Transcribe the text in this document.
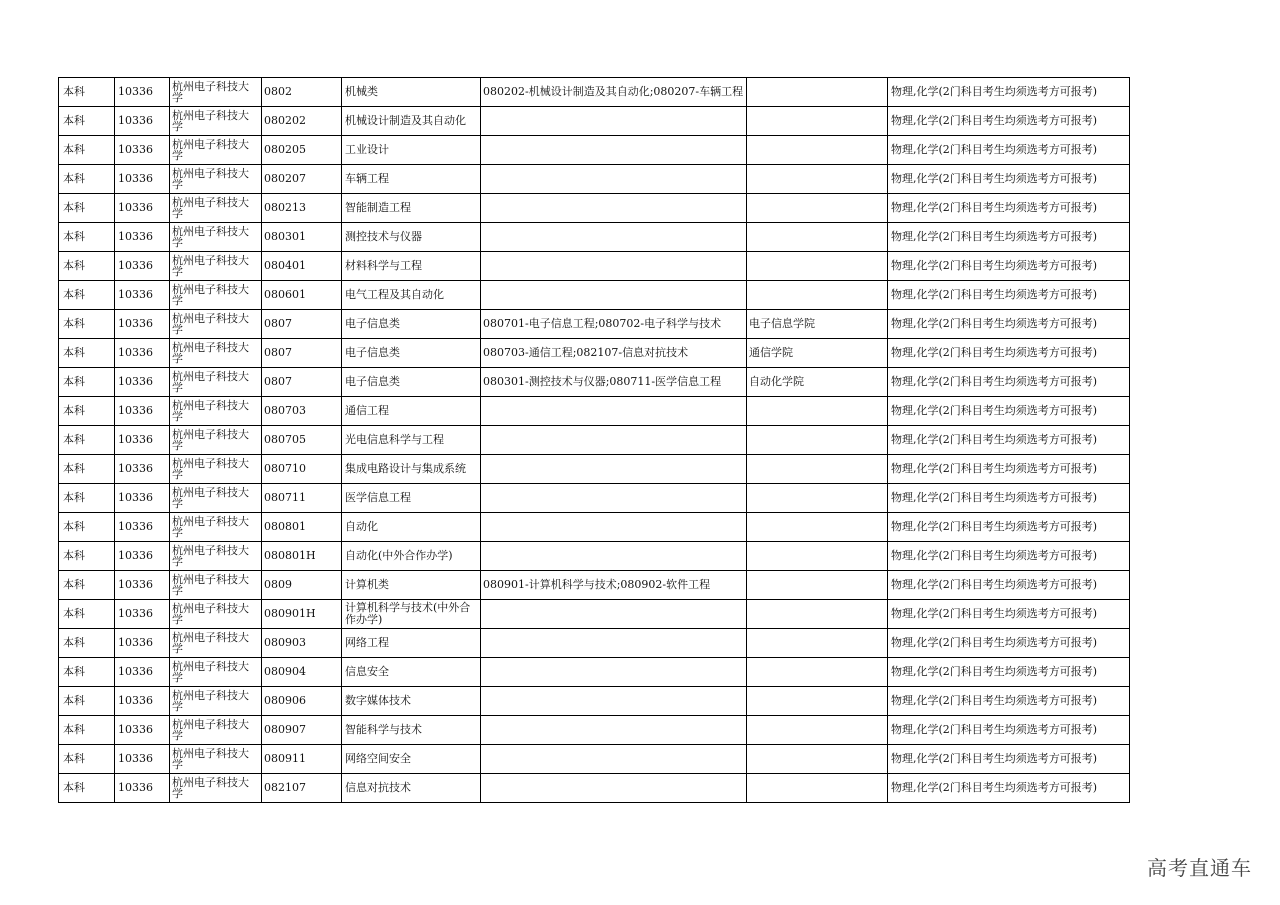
本科	10336	杭州电子科技大学	0802	机械类	080202-机械设计制造及其自动化;080207-车辆工程		物理,化学(2门科目考生均须选考方可报考)
本科	10336	杭州电子科技大学	080202	机械设计制造及其自动化			物理,化学(2门科目考生均须选考方可报考)
本科	10336	杭州电子科技大学	080205	工业设计			物理,化学(2门科目考生均须选考方可报考)
本科	10336	杭州电子科技大学	080207	车辆工程			物理,化学(2门科目考生均须选考方可报考)
本科	10336	杭州电子科技大学	080213	智能制造工程			物理,化学(2门科目考生均须选考方可报考)
本科	10336	杭州电子科技大学	080301	测控技术与仪器			物理,化学(2门科目考生均须选考方可报考)
本科	10336	杭州电子科技大学	080401	材料科学与工程			物理,化学(2门科目考生均须选考方可报考)
本科	10336	杭州电子科技大学	080601	电气工程及其自动化			物理,化学(2门科目考生均须选考方可报考)
本科	10336	杭州电子科技大学	0807	电子信息类	080701-电子信息工程;080702-电子科学与技术	电子信息学院	物理,化学(2门科目考生均须选考方可报考)
本科	10336	杭州电子科技大学	0807	电子信息类	080703-通信工程;082107-信息对抗技术	通信学院	物理,化学(2门科目考生均须选考方可报考)
本科	10336	杭州电子科技大学	0807	电子信息类	080301-测控技术与仪器;080711-医学信息工程	自动化学院	物理,化学(2门科目考生均须选考方可报考)
本科	10336	杭州电子科技大学	080703	通信工程			物理,化学(2门科目考生均须选考方可报考)
本科	10336	杭州电子科技大学	080705	光电信息科学与工程			物理,化学(2门科目考生均须选考方可报考)
本科	10336	杭州电子科技大学	080710	集成电路设计与集成系统			物理,化学(2门科目考生均须选考方可报考)
本科	10336	杭州电子科技大学	080711	医学信息工程			物理,化学(2门科目考生均须选考方可报考)
本科	10336	杭州电子科技大学	080801	自动化			物理,化学(2门科目考生均须选考方可报考)
本科	10336	杭州电子科技大学	080801H	自动化(中外合作办学)			物理,化学(2门科目考生均须选考方可报考)
本科	10336	杭州电子科技大学	0809	计算机类	080901-计算机科学与技术;080902-软件工程		物理,化学(2门科目考生均须选考方可报考)
本科	10336	杭州电子科技大学	080901H	计算机科学与技术(中外合作办学)			物理,化学(2门科目考生均须选考方可报考)
本科	10336	杭州电子科技大学	080903	网络工程			物理,化学(2门科目考生均须选考方可报考)
本科	10336	杭州电子科技大学	080904	信息安全			物理,化学(2门科目考生均须选考方可报考)
本科	10336	杭州电子科技大学	080906	数字媒体技术			物理,化学(2门科目考生均须选考方可报考)
本科	10336	杭州电子科技大学	080907	智能科学与技术			物理,化学(2门科目考生均须选考方可报考)
本科	10336	杭州电子科技大学	080911	网络空间安全			物理,化学(2门科目考生均须选考方可报考)
本科	10336	杭州电子科技大学	082107	信息对抗技术			物理,化学(2门科目考生均须选考方可报考)
高考直通车
